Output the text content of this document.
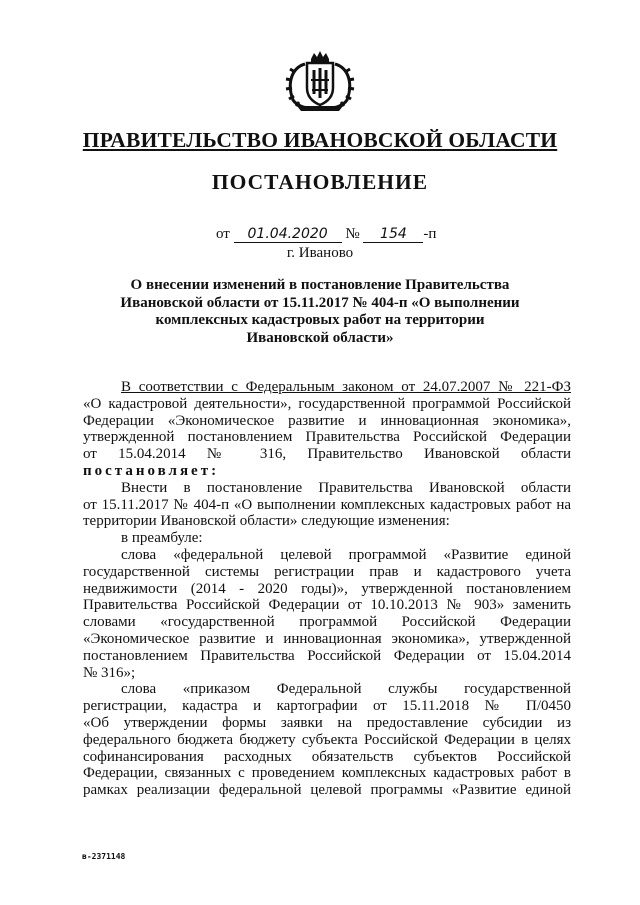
ПРАВИТЕЛЬСТВО ИВАНОВСКОЙ ОБЛАСТИ
ПОСТАНОВЛЕНИЕ
от 01.04.2020 № 154 -п
г. Иваново
О внесении изменений в постановление Правительства
Ивановской области от 15.11.2017 № 404-п «О выполнении
комплексных кадастровых работ на территории
Ивановской области»

В соответствии с Федеральным законом от 24.07.2007 № 221-ФЗ

«О кадастровой деятельности», государственной программой Российской

Федерации «Экономическое развитие и инновационная экономика»,

утвержденной постановлением Правительства Российской Федерации

от 15.04.2014 № 316, Правительство Ивановской области

постановляет:

Внести в постановление Правительства Ивановской области

от 15.11.2017 № 404-п «О выполнении комплексных кадастровых работ на

территории Ивановской области» следующие изменения:

в преамбуле:

слова «федеральной целевой программой «Развитие единой

государственной системы регистрации прав и кадастрового учета

недвижимости (2014 - 2020 годы)», утвержденной постановлением

Правительства Российской Федерации от 10.10.2013 № 903» заменить

словами «государственной программой Российской Федерации

«Экономическое развитие и инновационная экономика», утвержденной

постановлением Правительства Российской Федерации от 15.04.2014

№ 316»;

слова «приказом Федеральной службы государственной

регистрации, кадастра и картографии от 15.11.2018 № П/0450

«Об утверждении формы заявки на предоставление субсидии из

федерального бюджета бюджету субъекта Российской Федерации в целях

софинансирования расходных обязательств субъектов Российской

Федерации, связанных с проведением комплексных кадастровых работ в

рамках реализации федеральной целевой программы «Развитие единой

в-2371148
